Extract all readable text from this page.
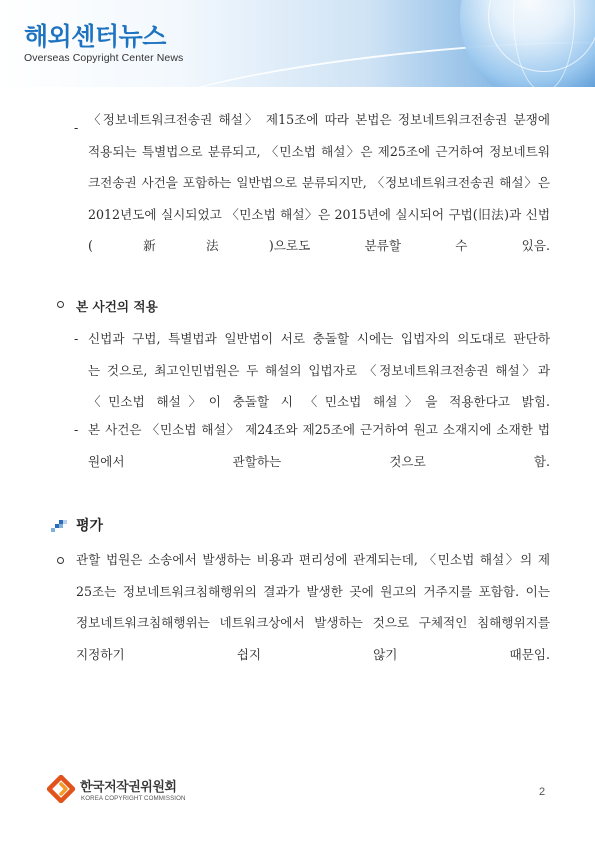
해외센터뉴스
Overseas Copyright Center News
-
〈정보네트워크전송권 해설〉 제15조에 따라 본법은 정보네트워크전송권 분쟁에
적용되는 특별법으로 분류되고, 〈민소법 해설〉은 제25조에 근거하여 정보네트워
크전송권 사건을 포함하는 일반법으로 분류되지만, 〈정보네트워크전송권 해설〉은
2012년도에 실시되었고 〈민소법 해설〉은 2015년에 실시되어 구법(旧法)과 신법
(新法)으로도 분류할 수 있음.
본 사건의 적용
- 신법과 구법, 특별법과 일반법이 서로 충돌할 시에는 입법자의 의도대로 판단하
는 것으로, 최고인민법원은 두 해설의 입법자로 〈정보네트워크전송권 해설〉과
〈민소법 해설〉이 충돌할 시 〈민소법 해설〉을 적용한다고 밝힘.
- 본 사건은 〈민소법 해설〉 제24조와 제25조에 근거하여 원고 소재지에 소재한 법
원에서 관할하는 것으로 함.
평가
관할 법원은 소송에서 발생하는 비용과 편리성에 관계되는데, 〈민소법 해설〉의 제
25조는 정보네트워크침해행위의 결과가 발생한 곳에 원고의 거주지를 포함함. 이는
정보네트워크침해행위는 네트워크상에서 발생하는 것으로 구체적인 침해행위지를
지정하기 쉽지 않기 때문임.
한국저작권위원회
KOREA COPYRIGHT COMMISSION
2
